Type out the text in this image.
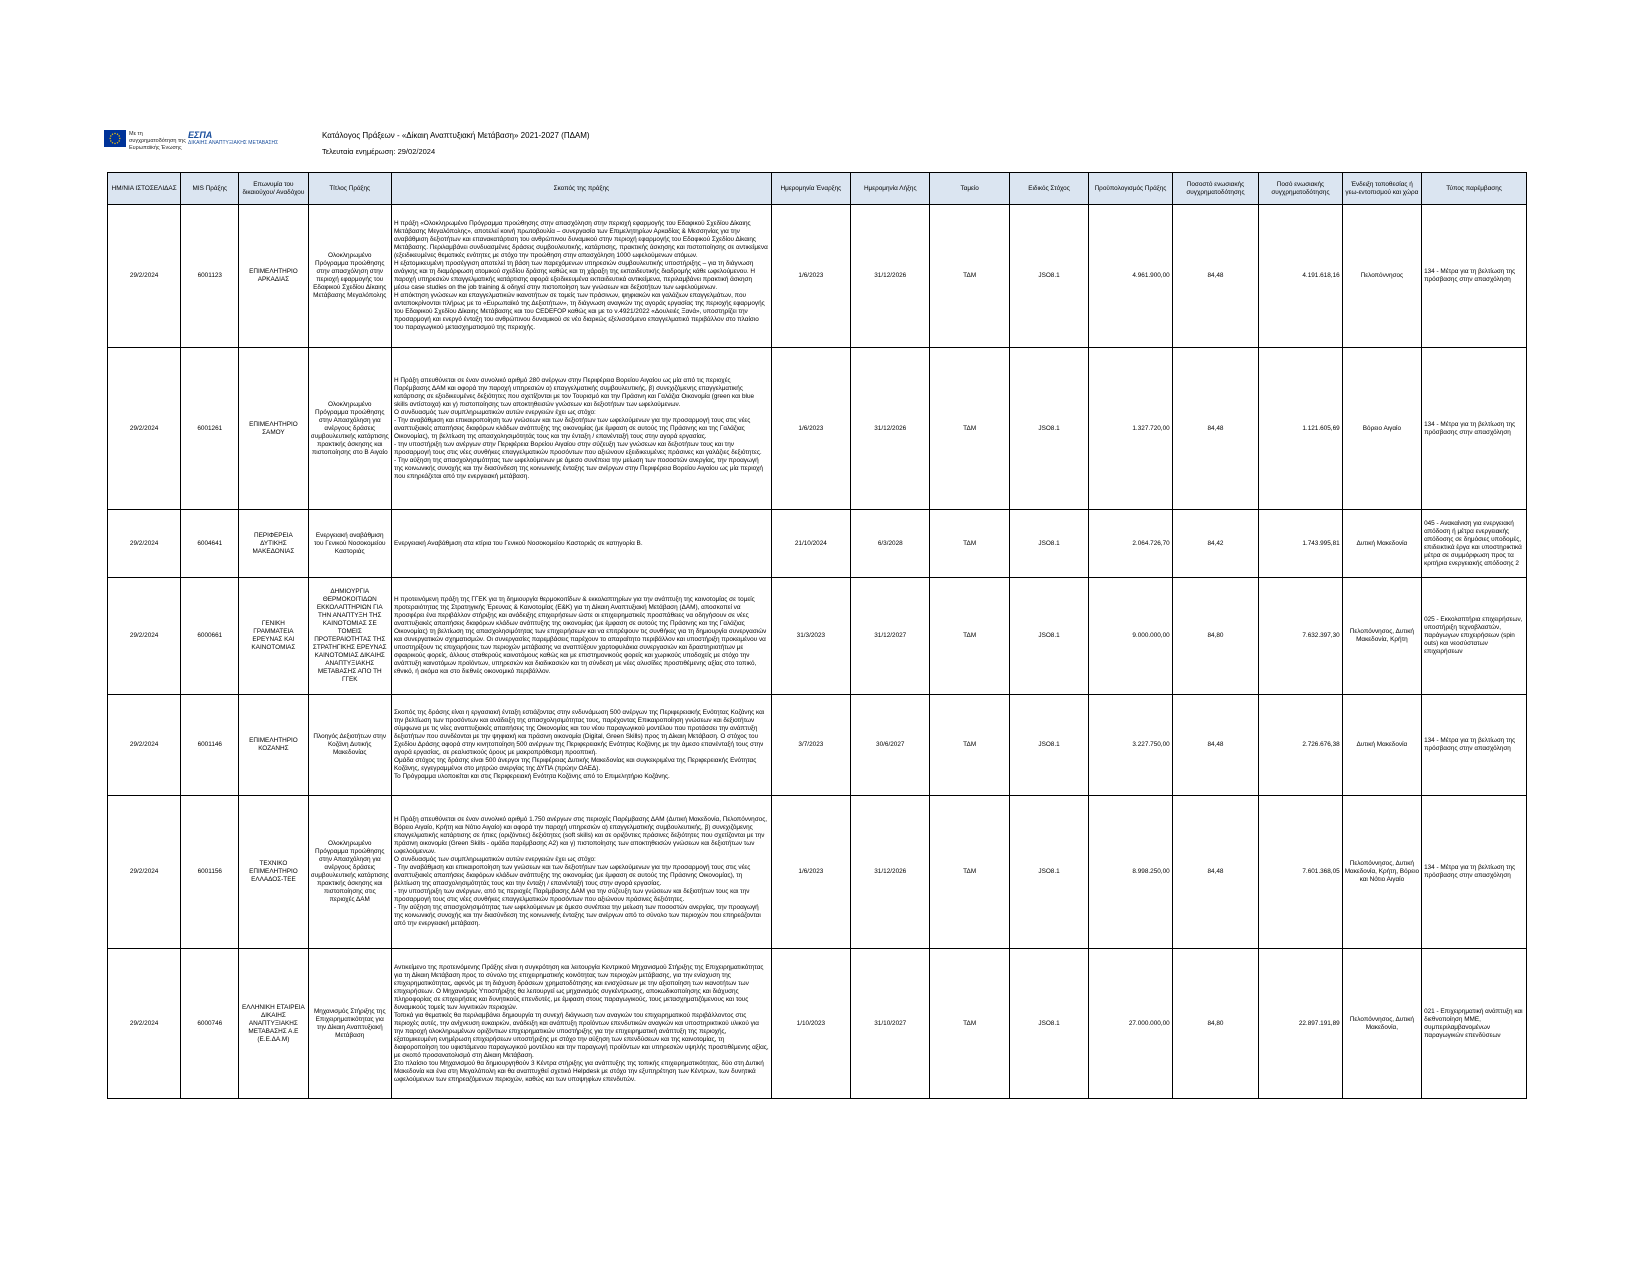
Με τη συγχρηματοδότηση της Ευρωπαϊκής Ένωσης
ΕΣΠΑ
ΔΙΚΑΙΗΣ ΑΝΑΠΤΥΞΙΑΚΗΣ ΜΕΤΑΒΑΣΗΣ
Κατάλογος Πράξεων - «Δίκαιη Αναπτυξιακή Μετάβαση» 2021-2027 (ΠΔΑΜ)
Τελευταία ενημέρωση: 29/02/2024
ΗΜ/ΝΙΑ ΙΣΤΟΣΕΛΙΔΑΣ	MIS Πράξης	Επωνυμία του δικαιούχου/ Αναδόχου	Τίτλος Πράξης	Σκοπός της πράξης	Ημερομηνία Έναρξης	Ημερομηνία Λήξης	Ταμείο	Ειδικός Στόχος	Προϋπολογισμός Πράξης	Ποσοστό ενωσιακής συγχρηματοδότησης	Ποσό ενωσιακής συγχρηματοδότησης	Ένδειξη τοποθεσίας ή γεω-εντοπισμού και χώρα	Τύπος παρέμβασης
29/2/2024	6001123	ΕΠΙΜΕΛΗΤΗΡΙΟ ΑΡΚΑΔΙΑΣ	Ολοκληρωμένο Πρόγραμμα προώθησης στην απασχόληση στην περιοχή εφαρμογής του Εδαφικού Σχεδίου Δίκαιης Μετάβασης Μεγαλόπολης	Η πράξη «Ολοκληρωμένο Πρόγραμμα προώθησης στην απασχόληση στην περιοχή εφαρμογής του Εδαφικού Σχεδίου Δίκαιης Μετάβασης Μεγαλόπολης», αποτελεί κοινή πρωτοβουλία – συνεργασία των Επιμελητηρίων Αρκαδίας & Μεσσηνίας για την αναβάθμιση δεξιοτήτων και επανακατάρτιση του ανθρώπινου δυναμικού στην περιοχή εφαρμογής του Εδαφικού Σχεδίου Δίκαιης Μετάβασης. Περιλαμβάνει συνδυασμένες δράσεις συμβουλευτικής, κατάρτισης, πρακτικής άσκησης και πιστοποίησης σε αντικείμενα (εξειδικευμένες θεματικές ενότητες με στόχο την προώθηση στην απασχόληση 1000 ωφελούμενων ατόμων.
Η εξατομικευμένη προσέγγιση αποτελεί τη βάση των παρεχόμενων υπηρεσιών συμβουλευτικής υποστήριξης – για τη διάγνωση ανάγκης και τη διαμόρφωση ατομικού σχεδίου δράσης καθώς και τη χάραξη της εκπαιδευτικής διαδρομής κάθε ωφελούμενου. Η παροχή υπηρεσιών επαγγελματικής κατάρτισης αφορά εξειδικευμένα εκπαιδευτικά αντικείμενα, περιλαμβάνει πρακτική άσκηση μέσω case studies on the job training & οδηγεί στην πιστοποίηση των γνώσεων και δεξιοτήτων των ωφελούμενων.
Η απόκτηση γνώσεων και επαγγελματικών ικανοτήτων σε τομείς των πράσινων, ψηφιακών και γαλάζιων επαγγελμάτων, που ανταποκρίνονται πλήρως με το «Ευρωπαϊκό της Δεξιοτήτων», τη διάγνωση αναγκών της αγοράς εργασίας της περιοχής εφαρμογής του Εδαφικού Σχεδίου Δίκαιης Μετάβασης και του CEDEFOP καθώς και με το ν.4921/2022 «Δουλειές Ξανά», υποστηρίζει την προσαρμογή και ενεργό ένταξη του ανθρώπινου δυναμικού σε νέο διαρκώς εξελισσόμενο επαγγελματικό περιβάλλον στο πλαίσιο του παραγωγικού μετασχηματισμού της περιοχής.	1/6/2023	31/12/2026	ΤΔΜ	JSO8.1	4.961.900,00	84,48	4.191.618,16	Πελοπόννησος	134 - Μέτρα για τη βελτίωση της πρόσβασης στην απασχόληση
29/2/2024	6001261	ΕΠΙΜΕΛΗΤΗΡΙΟ ΣΑΜΟΥ	Ολοκληρωμένο Πρόγραμμα προώθησης στην Απασχόληση για ανέργους δράσεις συμβουλευτικής κατάρτισης πρακτικής άσκησης και πιστοποίησης στο Β Αιγαίο	Η Πράξη απευθύνεται σε έναν συνολικό αριθμό 280 ανέργων στην Περιφέρεια Βορείου Αιγαίου ως μία από τις περιοχές Παρέμβασης ΔΑΜ και αφορά την παροχή υπηρεσιών α) επαγγελματικής συμβουλευτικής, β) συνεχιζόμενης επαγγελματικής κατάρτισης σε εξειδικευμένες δεξιότητες που σχετίζονται με τον Τουρισμό και την Πράσινη και Γαλάζια Οικονομία (green και blue skills αντίστοιχα) και γ) πιστοποίησης των αποκτηθεισών γνώσεων και δεξιοτήτων των ωφελούμενων.
Ο συνδυασμός των συμπληρωματικών αυτών ενεργειών έχει ως στόχο:
- Την αναβάθμιση και επικαιροποίηση των γνώσεων και των δεξιοτήτων των ωφελούμενων για την προσαρμογή τους στις νέες αναπτυξιακές απαιτήσεις διαφόρων κλάδων ανάπτυξης της οικονομίας (με έμφαση σε αυτούς της Πράσινης και της Γαλάζιας Οικονομίας), τη βελτίωση της απασχολησιμότητάς τους και την ένταξη / επανένταξή τους στην αγορά εργασίας.
- την υποστήριξη των ανέργων στην Περιφέρεια Βορείου Αιγαίου στην σύζευξη των γνώσεων και δεξιοτήτων τους και την προσαρμογή τους στις νέες συνθήκες επαγγελματικών προσόντων που αξιώνουν εξειδικευμένες πράσινες και γαλάζιες δεξιότητες.
- Την αύξηση της απασχολησιμότητας των ωφελούμενων με άμεσο συνέπεια την μείωση των ποσοστών ανεργίας, την προαγωγή της κοινωνικής συνοχής και την διασύνδεση της κοινωνικής ένταξης των ανέργων στην Περιφέρεια Βορείου Αιγαίου ως μία περιοχή που επηρεάζεται από την ενεργειακή μετάβαση.	1/6/2023	31/12/2026	ΤΔΜ	JSO8.1	1.327.720,00	84,48	1.121.605,69	Βόρειο Αιγαίο	134 - Μέτρα για τη βελτίωση της πρόσβασης στην απασχόληση
29/2/2024	6004641	ΠΕΡΙΦΕΡΕΙΑ ΔΥΤΙΚΗΣ ΜΑΚΕΔΟΝΙΑΣ	Ενεργειακή αναβάθμιση του Γενικού Νοσοκομείου Καστοριάς	Ενεργειακή Αναβάθμιση στα κτίρια του Γενικού Νοσοκομείου Καστοριάς σε κατηγορία Β.	21/10/2024	6/3/2028	ΤΔΜ	JSO8.1	2.064.726,70	84,42	1.743.995,81	Δυτική Μακεδονία	045 - Ανακαίνιση για ενεργειακή απόδοση ή μέτρα ενεργειακής απόδοσης σε δημόσιες υποδομές, επιδεικτικά έργα και υποστηρικτικά μέτρα σε συμμόρφωση προς τα κριτήρια ενεργειακής απόδοσης 2
29/2/2024	6000661	ΓΕΝΙΚΗ ΓΡΑΜΜΑΤΕΙΑ ΕΡΕΥΝΑΣ ΚΑΙ ΚΑΙΝΟΤΟΜΙΑΣ	ΔΗΜΙΟΥΡΓΙΑ ΘΕΡΜΟΚΟΙΤΙΔΩΝ ΕΚΚΟΛΑΠΤΗΡΙΩΝ ΓΙΑ ΤΗΝ ΑΝΑΠΤΥΞΗ ΤΗΣ ΚΑΙΝΟΤΟΜΙΑΣ ΣΕ ΤΟΜΕΙΣ ΠΡΟΤΕΡΑΙΟΤΗΤΑΣ ΤΗΣ ΣΤΡΑΤΗΓΙΚΗΣ ΕΡΕΥΝΑΣ ΚΑΙΝΟΤΟΜΙΑΣ ΔΙΚΑΙΗΣ ΑΝΑΠΤΥΞΙΑΚΗΣ ΜΕΤΑΒΑΣΗΣ ΑΠΟ ΤΗ ΓΓΕΚ	Η προτεινόμενη πράξη της ΓΓΕΚ για τη δημιουργία θερμοκοιτίδων & εκκολαπτηρίων για την ανάπτυξη της καινοτομίας σε τομείς προτεραιότητας της Στρατηγικής Έρευνας & Καινοτομίας (Ε&Κ) για τη Δίκαιη Αναπτυξιακή Μετάβαση (ΔΑΜ), αποσκοπεί να προσφέρει ένα περιβάλλον στήριξης και ανάδειξης επιχειρήσεων ώστε οι επιχειρηματικές προσπάθειες να οδηγήσουν σε νέες αναπτυξιακές απαιτήσεις διαφόρων κλάδων ανάπτυξης της οικονομίας (με έμφαση σε αυτούς της Πράσινης και της Γαλάζιας Οικονομίας) τη βελτίωση της απασχολησιμότητας των επιχειρήσεων και να επιτρέψουν τις συνθήκες για τη δημιουργία συνεργασιών και συνεργατικών σχηματισμών. Οι συνεργασίες παρεμβάσεις παρέχουν το απαραίτητο περιβάλλον και υποστήριξη προκειμένου να υποστηρίξουν τις επιχειρήσεις των περιοχών μετάβασης να αναπτύξουν χαρτοφυλάκια συνεργασιών και δραστηριοτήτων με σφαιρικούς φορείς, άλλους σταθερούς καινοτόμους καθώς και με επιστημονικούς φορείς και χωρικούς υποδοχείς με στόχο την ανάπτυξη καινοτόμων προϊόντων, υπηρεσιών και διαδικασιών και τη σύνδεση με νέες αλυσίδες προστιθέμενης αξίας στο τοπικό, εθνικό, ή ακόμα και στο διεθνές οικονομικό περιβάλλον.	31/3/2023	31/12/2027	ΤΔΜ	JSO8.1	9.000.000,00	84,80	7.632.397,30	Πελοπόννησος, Δυτική Μακεδονία, Κρήτη	025 - Εκκολαπτήρια επιχειρήσεων, υποστήριξη τεχνοβλαστών, παράγωγων επιχειρήσεων (spin outs) και νεοσύστατων επιχειρήσεων
29/2/2024	6001146	ΕΠΙΜΕΛΗΤΗΡΙΟ ΚΟΖΑΝΗΣ	Πλοηγός Δεξιοτήτων στην Κοζάνη Δυτικής Μακεδονίας	Σκοπός της δράσης είναι η εργασιακή ένταξη εστιάζοντας στην ενδυνάμωση 500 ανέργων της Περιφερειακής Ενότητας Κοζάνης και την βελτίωση των προσόντων και ανάδειξη της απασχολησιμότητας τους, παρέχοντας Επικαιροποίηση γνώσεων και δεξιοτήτων σύμφωνα με τις νέες αναπτυξιακές απαιτήσεις της Οικονομίας και του νέου παραγωγικού μοντέλου που προτάσσει την ανάπτυξη δεξιοτήτων που συνδέονται με την ψηφιακή και πράσινη οικονομία (Digital, Green Skills) προς τη Δίκαιη Μετάβαση. Ο στόχος του Σχεδίου Δράσης αφορά στην κινητοποίηση 500 ανέργων της Περιφερειακής Ενότητας Κοζάνης με την άμεσο επανένταξή τους στην αγορά εργασίας, σε ρεαλιστικούς όρους με μακροπρόθεσμη προοπτική.
Ομάδα στόχος της δράσης είναι 500 άνεργοι της Περιφέρειας Δυτικής Μακεδονίας και συγκεκριμένα της Περιφερειακής Ενότητας Κοζάνης, εγγεγραμμένοι στο μητρώο ανεργίας της ΔΥΠΑ (πρώην ΟΑΕΔ).
Το Πρόγραμμα υλοποιείται και στις Περιφερειακή Ενότητα Κοζάνης από το Επιμελητήριο Κοζάνης.	3/7/2023	30/6/2027	ΤΔΜ	JSO8.1	3.227.750,00	84,48	2.726.676,38	Δυτική Μακεδονία	134 - Μέτρα για τη βελτίωση της πρόσβασης στην απασχόληση
29/2/2024	6001156	ΤΕΧΝΙΚΟ ΕΠΙΜΕΛΗΤΗΡΙΟ ΕΛΛΑΔΟΣ-ΤΕΕ	Ολοκληρωμένο Πρόγραμμα προώθησης στην Απασχόληση για ανέργους δράσεις συμβουλευτικής κατάρτισης πρακτικής άσκησης και πιστοποίησης στις περιοχές ΔΑΜ	Η Πράξη απευθύνεται σε έναν συνολικό αριθμό 1.750 ανέργων στις περιοχές Παρέμβασης ΔΑΜ (Δυτική Μακεδονία, Πελοπόννησος, Βόρειο Αιγαίο, Κρήτη και Νότιο Αιγαίο) και αφορά την παροχή υπηρεσιών α) επαγγελματικής συμβουλευτικής, β) συνεχιζόμενης επαγγελματικής κατάρτισης σε ήπιες (οριζόντιες) δεξιότητες (soft skills) και σε οριζόντιες πράσινες δεξιότητες που σχετίζονται με την πράσινη οικονομία (Green Skills - ομάδα παρέμβασης Α2) και γ) πιστοποίησης των αποκτηθεισών γνώσεων και δεξιοτήτων των ωφελούμενων.
Ο συνδυασμός των συμπληρωματικών αυτών ενεργειών έχει ως στόχο:
- Την αναβάθμιση και επικαιροποίηση των γνώσεων και των δεξιοτήτων των ωφελούμενων για την προσαρμογή τους στις νέες αναπτυξιακές απαιτήσεις διαφόρων κλάδων ανάπτυξης της οικονομίας (με έμφαση σε αυτούς της Πράσινης Οικονομίας), τη βελτίωση της απασχολησιμότητάς τους και την ένταξη / επανένταξή τους στην αγορά εργασίας.
- την υποστήριξη των ανέργων, από τις περιοχές Παρέμβασης ΔΑΜ για την σύζευξη των γνώσεων και δεξιοτήτων τους και την προσαρμογή τους στις νέες συνθήκες επαγγελματικών προσόντων που αξιώνουν πράσινες δεξιότητες.
- Την αύξηση της απασχολησιμότητας των ωφελούμενων με άμεσο συνέπεια την μείωση των ποσοστών ανεργίας, την προαγωγή της κοινωνικής συνοχής και την διασύνδεση της κοινωνικής ένταξης των ανέργων από το σύνολο των περιοχών που επηρεάζονται από την ενεργειακή μετάβαση.	1/6/2023	31/12/2026	ΤΔΜ	JSO8.1	8.998.250,00	84,48	7.601.368,05	Πελοπόννησος, Δυτική Μακεδονία, Κρήτη, Βόρειο και Νότιο Αιγαίο	134 - Μέτρα για τη βελτίωση της πρόσβασης στην απασχόληση
29/2/2024	6000746	ΕΛΛΗΝΙΚΗ ΕΤΑΙΡΕΙΑ ΔΙΚΑΙΗΣ ΑΝΑΠΤΥΞΙΑΚΗΣ ΜΕΤΑΒΑΣΗΣ Α.Ε (Ε.Ε.ΔΑ.Μ)	Μηχανισμός Στήριξης της Επιχειρηματικότητας για την Δίκαιη Αναπτυξιακή Μετάβαση	Αντικείμενο της προτεινόμενης Πράξης είναι η συγκρότηση και λειτουργία Κεντρικού Μηχανισμού Στήριξης της Επιχειρηματικότητας για τη Δίκαιη Μετάβαση προς το σύνολο της επιχειρηματικής κοινότητας των περιοχών μετάβασης, για την ενίσχυση της επιχειρηματικότητας, αφενός με τη διάχυση δράσεων χρηματοδότησης και ενισχύσεων με την αξιοποίηση των ικανοτήτων των επιχειρήσεων. Ο Μηχανισμός Υποστήριξης θα λειτουργεί ως μηχανισμός συγκέντρωσης, αποκωδικοποίησης και διάχυσης πληροφορίας σε επιχειρήσεις και δυνητικούς επενδυτές, με έμφαση στους παραγωγικούς, τους μετασχηματιζόμενους και τους δυναμικούς τομείς των λιγνιτικών περιοχών.
Τοπικά για θεματικές θα περιλαμβάνει δημιουργία τη συνεχή διάγνωση των αναγκών του επιχειρηματικού περιβάλλοντος στις περιοχές αυτές, την ανίχνευση ευκαιριών, ανάδειξη και ανάπτυξη προϊόντων επενδυτικών αναγκών και υποστηρικτικού υλικού για την παροχή ολοκληρωμένων οριζόντιων επιχειρηματικών υποστήριξης για την επιχειρηματική ανάπτυξη της περιοχής, εξατομικευμένη ενημέρωση επιχειρήσεων υποστήριξης με στόχο την αύξηση των επενδύσεων και της καινοτομίας, τη διαφοροποίηση του υφιστάμενου παραγωγικού μοντέλου και την παραγωγή προϊόντων και υπηρεσιών υψηλής προστιθέμενης αξίας, με σκοπό προσανατολισμό στη Δίκαιη Μετάβαση.
Στο πλαίσιο του Μηχανισμού θα δημιουργηθούν 3 Κέντρα στήριξης για ανάπτυξης της τοπικής επιχειρηματικότητας, δύο στη Δυτική Μακεδονία και ένα στη Μεγαλόπολη και θα αναπτυχθεί σχετικό Helpdesk με στόχο την εξυπηρέτηση των Κέντρων, των δυνητικά ωφελούμενων των επηρεαζόμενων περιοχών, καθώς και των υποψηφίων επενδυτών.	1/10/2023	31/10/2027	ΤΔΜ	JSO8.1	27.000.000,00	84,80	22.897.191,89	Πελοπόννησος, Δυτική Μακεδονία,	021 - Επιχειρηματική ανάπτυξη και διεθνοποίηση ΜΜΕ, συμπεριλαμβανομένων παραγωγικών επενδύσεων
